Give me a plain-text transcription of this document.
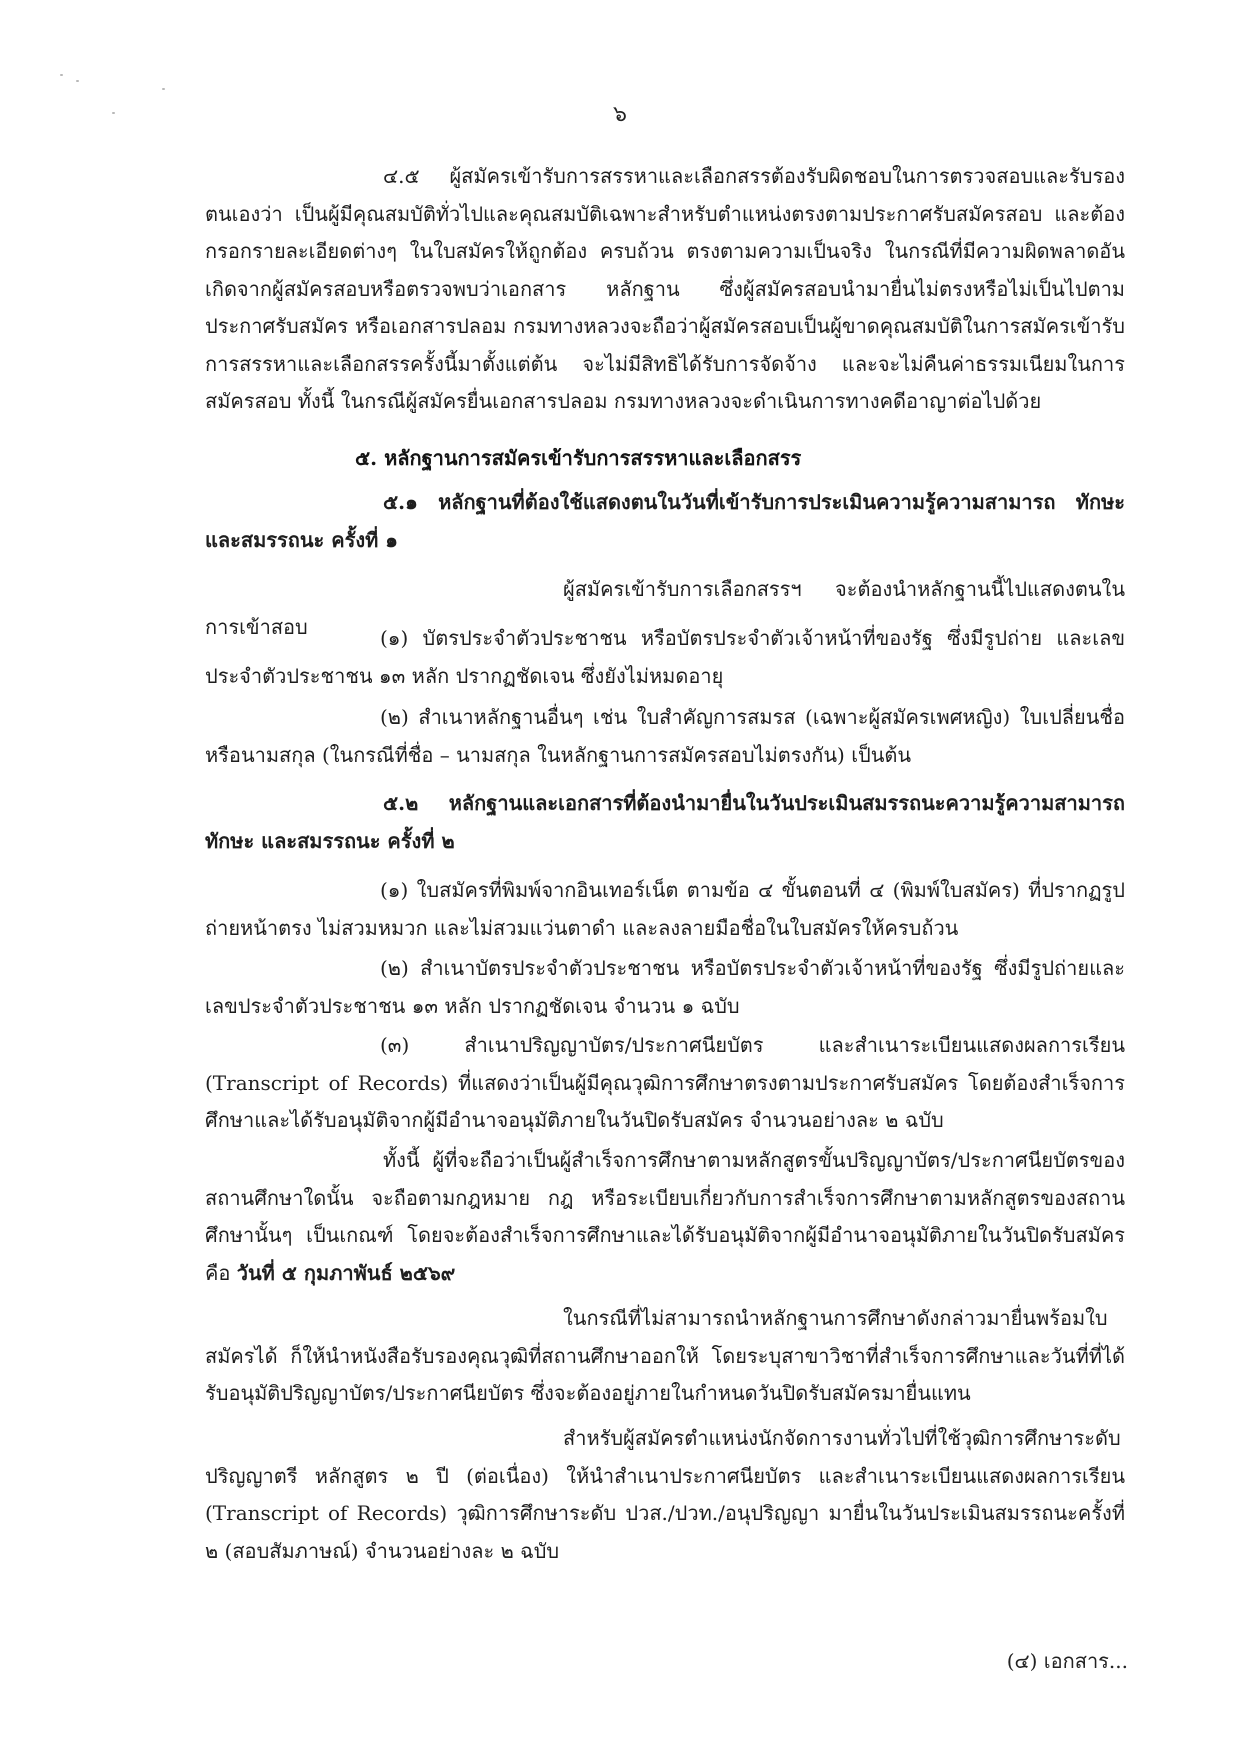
๖
๔.๕ ผู้สมัครเข้ารับการสรรหาและเลือกสรรต้องรับผิดชอบในการตรวจสอบและรับรองตนเองว่า เป็นผู้มีคุณสมบัติทั่วไปและคุณสมบัติเฉพาะสำหรับตำแหน่งตรงตามประกาศรับสมัครสอบ และต้องกรอกรายละเอียดต่างๆ ในใบสมัครให้ถูกต้อง ครบถ้วน ตรงตามความเป็นจริง ในกรณีที่มีความผิดพลาดอันเกิดจากผู้สมัครสอบหรือตรวจพบว่าเอกสาร หลักฐาน ซึ่งผู้สมัครสอบนำมายื่นไม่ตรงหรือไม่เป็นไปตามประกาศรับสมัคร หรือเอกสารปลอม กรมทางหลวงจะถือว่าผู้สมัครสอบเป็นผู้ขาดคุณสมบัติในการสมัครเข้ารับการสรรหาและเลือกสรรครั้งนี้มาตั้งแต่ต้น จะไม่มีสิทธิได้รับการจัดจ้าง และจะไม่คืนค่าธรรมเนียมในการสมัครสอบ ทั้งนี้ ในกรณีผู้สมัครยื่นเอกสารปลอม กรมทางหลวงจะดำเนินการทางคดีอาญาต่อไปด้วย
๕. หลักฐานการสมัครเข้ารับการสรรหาและเลือกสรร
๕.๑ หลักฐานที่ต้องใช้แสดงตนในวันที่เข้ารับการประเมินความรู้ความสามารถ ทักษะและสมรรถนะ ครั้งที่ ๑
ผู้สมัครเข้ารับการเลือกสรรฯ จะต้องนำหลักฐานนี้ไปแสดงตนในการเข้าสอบ	(๑) บัตรประจำตัวประชาชน หรือบัตรประจำตัวเจ้าหน้าที่ของรัฐ ซึ่งมีรูปถ่าย และเลขประจำตัวประชาชน ๑๓ หลัก ปรากฏชัดเจน ซึ่งยังไม่หมดอายุ
(๒) สำเนาหลักฐานอื่นๆ เช่น ใบสำคัญการสมรส (เฉพาะผู้สมัครเพศหญิง) ใบเปลี่ยนชื่อหรือนามสกุล (ในกรณีที่ชื่อ – นามสกุล ในหลักฐานการสมัครสอบไม่ตรงกัน) เป็นต้น
๕.๒ หลักฐานและเอกสารที่ต้องนำมายื่นในวันประเมินสมรรถนะความรู้ความสามารถ ทักษะ และสมรรถนะ ครั้งที่ ๒
(๑) ใบสมัครที่พิมพ์จากอินเทอร์เน็ต ตามข้อ ๔ ขั้นตอนที่ ๔ (พิมพ์ใบสมัคร) ที่ปรากฏรูปถ่ายหน้าตรง ไม่สวมหมวก และไม่สวมแว่นตาดำ และลงลายมือชื่อในใบสมัครให้ครบถ้วน
(๒) สำเนาบัตรประจำตัวประชาชน หรือบัตรประจำตัวเจ้าหน้าที่ของรัฐ ซึ่งมีรูปถ่ายและเลขประจำตัวประชาชน ๑๓ หลัก ปรากฏชัดเจน จำนวน ๑ ฉบับ
(๓) สำเนาปริญญาบัตร/ประกาศนียบัตร และสำเนาระเบียนแสดงผลการเรียน (Transcript of Records) ที่แสดงว่าเป็นผู้มีคุณวุฒิการศึกษาตรงตามประกาศรับสมัคร โดยต้องสำเร็จการศึกษาและได้รับอนุมัติจากผู้มีอำนาจอนุมัติภายในวันปิดรับสมัคร จำนวนอย่างละ ๒ ฉบับ
ทั้งนี้ ผู้ที่จะถือว่าเป็นผู้สำเร็จการศึกษาตามหลักสูตรขั้นปริญญาบัตร/ประกาศนียบัตรของสถานศึกษาใดนั้น จะถือตามกฎหมาย กฎ หรือระเบียบเกี่ยวกับการสำเร็จการศึกษาตามหลักสูตรของสถานศึกษานั้นๆ เป็นเกณฑ์ โดยจะต้องสำเร็จการศึกษาและได้รับอนุมัติจากผู้มีอำนาจอนุมัติภายในวันปิดรับสมัคร คือ วันที่ ๕ กุมภาพันธ์ ๒๕๖๙
ในกรณีที่ไม่สามารถนำหลักฐานการศึกษาดังกล่าวมายื่นพร้อมใบสมัครได้ ก็ให้นำหนังสือรับรองคุณวุฒิที่สถานศึกษาออกให้ โดยระบุสาขาวิชาที่สำเร็จการศึกษาและวันที่ที่ได้รับอนุมัติปริญญาบัตร/ประกาศนียบัตร ซึ่งจะต้องอยู่ภายในกำหนดวันปิดรับสมัครมายื่นแทน
สำหรับผู้สมัครตำแหน่งนักจัดการงานทั่วไปที่ใช้วุฒิการศึกษาระดับปริญญาตรี หลักสูตร ๒ ปี (ต่อเนื่อง) ให้นำสำเนาประกาศนียบัตร และสำเนาระเบียนแสดงผลการเรียน (Transcript of Records) วุฒิการศึกษาระดับ ปวส./ปวท./อนุปริญญา มายื่นในวันประเมินสมรรถนะครั้งที่ ๒ (สอบสัมภาษณ์) จำนวนอย่างละ ๒ ฉบับ
(๔) เอกสาร...
